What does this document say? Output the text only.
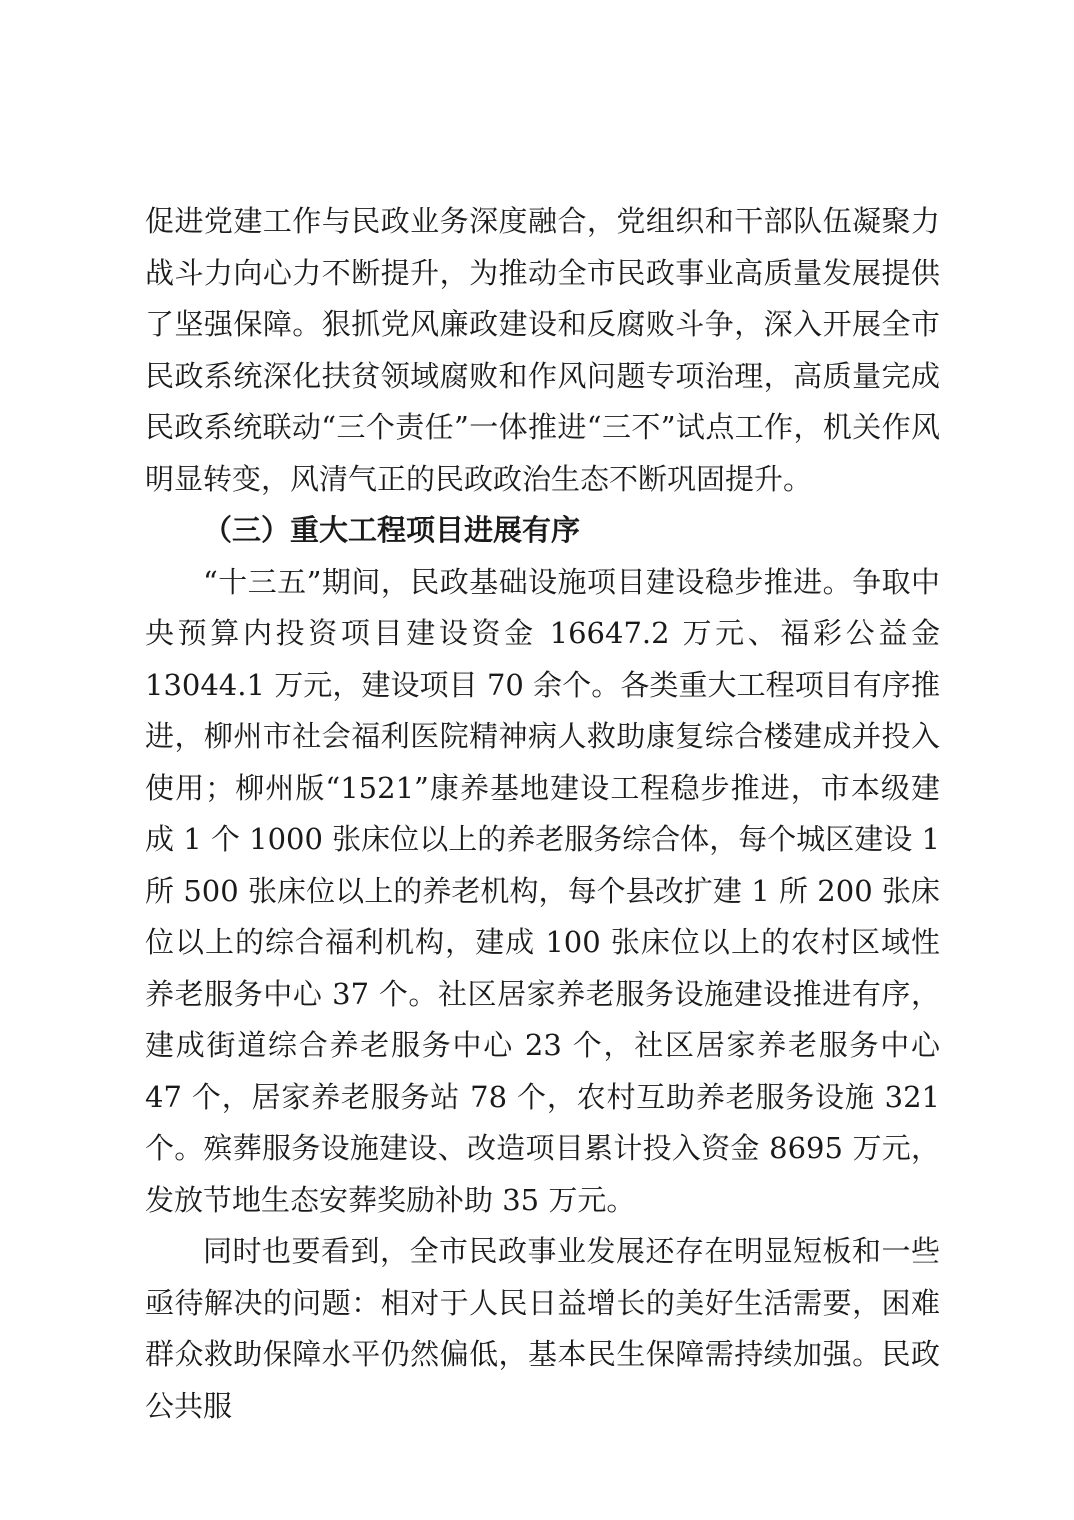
促进党建工作与民政业务深度融合，党组织和干部队伍凝聚力战斗力向心力不断提升，为推动全市民政事业高质量发展提供了坚强保障。狠抓党风廉政建设和反腐败斗争，深入开展全市民政系统深化扶贫领域腐败和作风问题专项治理，高质量完成民政系统联动“三个责任”一体推进“三不”试点工作，机关作风明显转变，风清气正的民政政治生态不断巩固提升。

（三）重大工程项目进展有序

“十三五”期间，民政基础设施项目建设稳步推进。争取中央预算内投资项目建设资金 16647.2 万元、福彩公益金 13044.1 万元，建设项目 70 余个。各类重大工程项目有序推进，柳州市社会福利医院精神病人救助康复综合楼建成并投入使用；柳州版“1521”康养基地建设工程稳步推进，市本级建成 1 个 1000 张床位以上的养老服务综合体，每个城区建设 1 所 500 张床位以上的养老机构，每个县改扩建 1 所 200 张床位以上的综合福利机构，建成 100 张床位以上的农村区域性养老服务中心 37 个。社区居家养老服务设施建设推进有序，建成街道综合养老服务中心 23 个，社区居家养老服务中心 47 个，居家养老服务站 78 个，农村互助养老服务设施 321 个。殡葬服务设施建设、改造项目累计投入资金 8695 万元，发放节地生态安葬奖励补助 35 万元。

同时也要看到，全市民政事业发展还存在明显短板和一些亟待解决的问题：相对于人民日益增长的美好生活需要，困难群众救助保障水平仍然偏低，基本民生保障需持续加强。民政公共服
